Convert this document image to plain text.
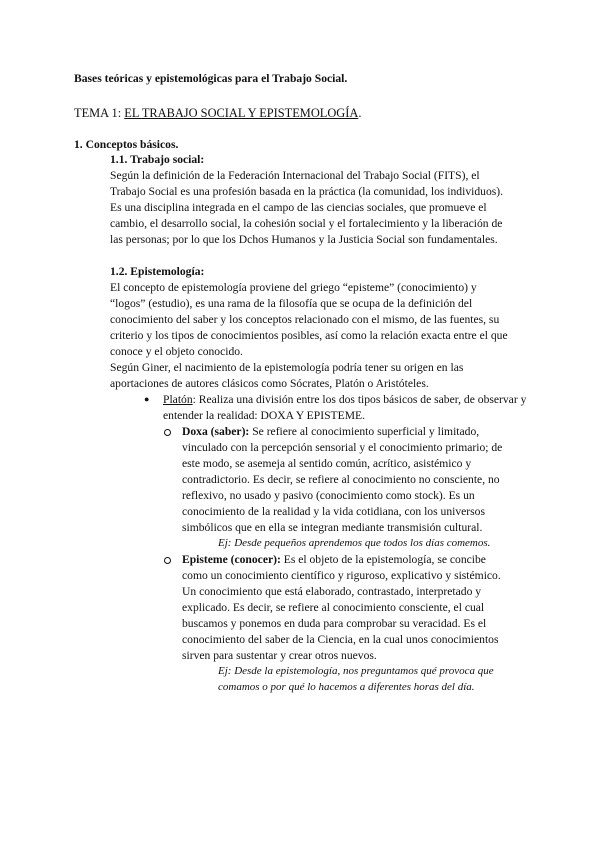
Bases teóricas y epistemológicas para el Trabajo Social.
TEMA 1: EL TRABAJO SOCIAL Y EPISTEMOLOGÍA.
1. Conceptos básicos.
1.1. Trabajo social:
Según la definición de la Federación Internacional del Trabajo Social (FITS), el
Trabajo Social es una profesión basada en la práctica (la comunidad, los individuos).
Es una disciplina integrada en el campo de las ciencias sociales, que promueve el
cambio, el desarrollo social, la cohesión social y el fortalecimiento y la liberación de
las personas; por lo que los Dchos Humanos y la Justicia Social son fundamentales.
1.2. Epistemología:
El concepto de epistemología proviene del griego “episteme” (conocimiento) y
“logos” (estudio), es una rama de la filosofía que se ocupa de la definición del
conocimiento del saber y los conceptos relacionado con el mismo, de las fuentes, su
criterio y los tipos de conocimientos posibles, así como la relación exacta entre el que
conoce y el objeto conocido.
Según Giner, el nacimiento de la epistemología podría tener su origen en las
aportaciones de autores clásicos como Sócrates, Platón o Aristóteles.
● Platón: Realiza una división entre los dos tipos básicos de saber, de observar y
entender la realidad: DOXA Y EPISTEME.
Doxa (saber): Se refiere al conocimiento superficial y limitado,
vinculado con la percepción sensorial y el conocimiento primario; de
este modo, se asemeja al sentido común, acrítico, asistémico y
contradictorio. Es decir, se refiere al conocimiento no consciente, no
reflexivo, no usado y pasivo (conocimiento como stock). Es un
conocimiento de la realidad y la vida cotidiana, con los universos
simbólicos que en ella se integran mediante transmisión cultural.
Ej: Desde pequeños aprendemos que todos los días comemos.
Episteme (conocer): Es el objeto de la epistemología, se concibe
como un conocimiento científico y riguroso, explicativo y sistémico.
Un conocimiento que está elaborado, contrastado, interpretado y
explicado. Es decir, se refiere al conocimiento consciente, el cual
buscamos y ponemos en duda para comprobar su veracidad. Es el
conocimiento del saber de la Ciencia, en la cual unos conocimientos
sirven para sustentar y crear otros nuevos.
Ej: Desde la epistemología, nos preguntamos qué provoca que
comamos o por qué lo hacemos a diferentes horas del día.
